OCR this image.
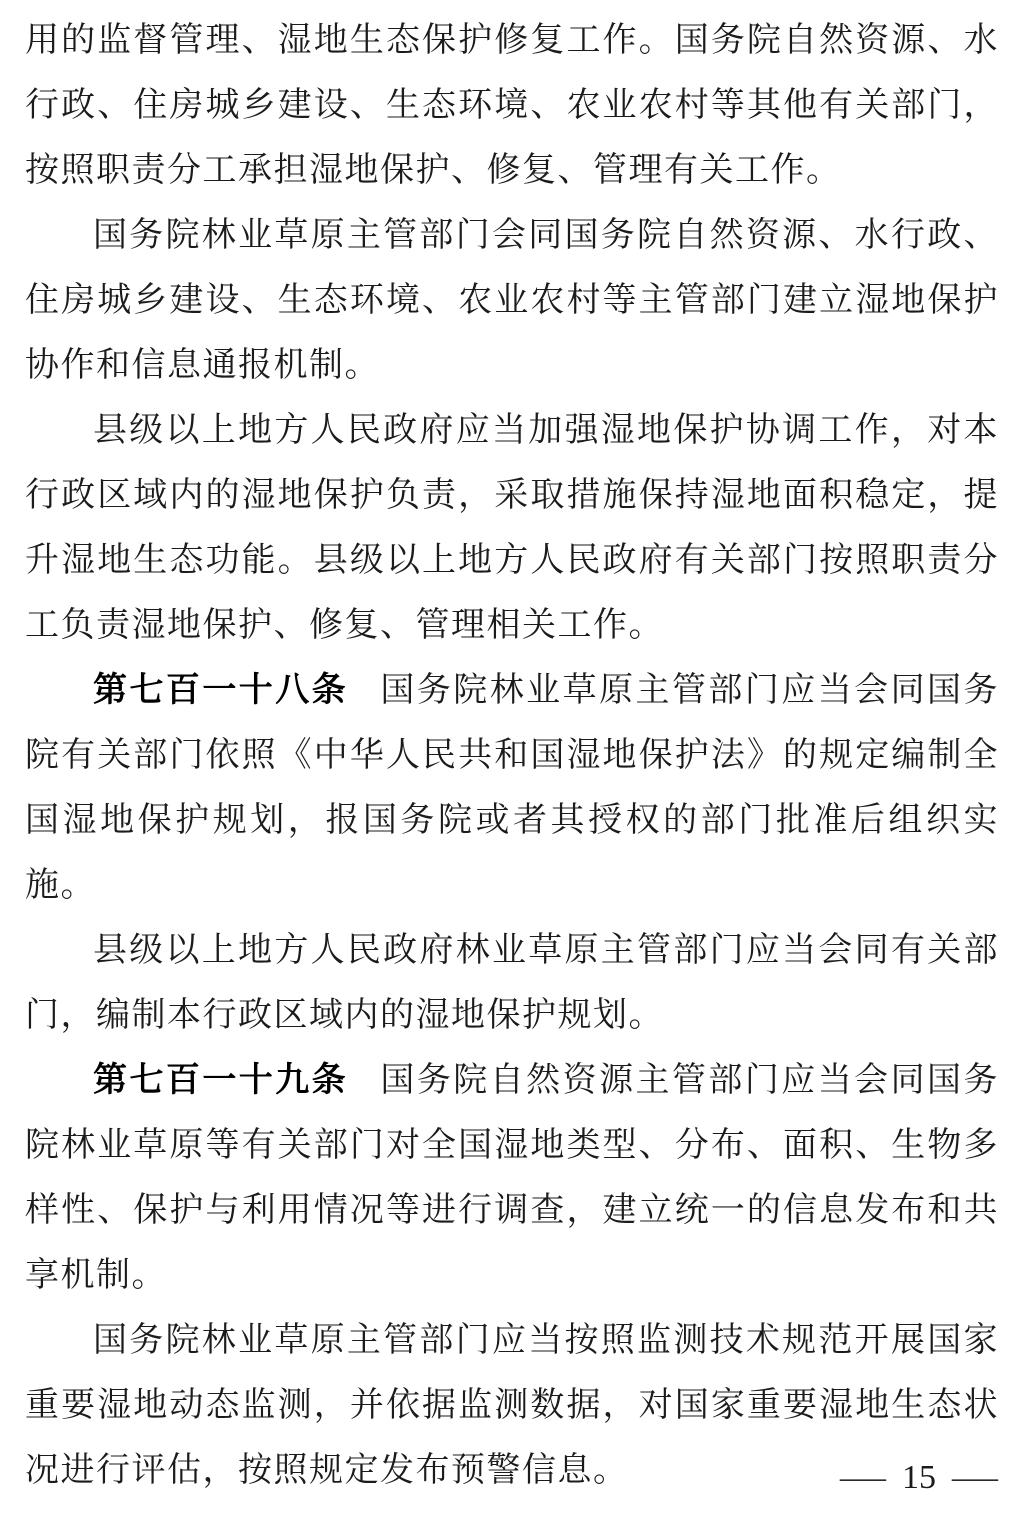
用的监督管理、湿地生态保护修复工作。国务院自然资源、水行政、住房城乡建设、生态环境、农业农村等其他有关部门，按照职责分工承担湿地保护、修复、管理有关工作。

国务院林业草原主管部门会同国务院自然资源、水行政、住房城乡建设、生态环境、农业农村等主管部门建立湿地保护协作和信息通报机制。

县级以上地方人民政府应当加强湿地保护协调工作，对本行政区域内的湿地保护负责，采取措施保持湿地面积稳定，提升湿地生态功能。县级以上地方人民政府有关部门按照职责分工负责湿地保护、修复、管理相关工作。

第七百一十八条 国务院林业草原主管部门应当会同国务院有关部门依照《中华人民共和国湿地保护法》的规定编制全国湿地保护规划，报国务院或者其授权的部门批准后组织实施。

县级以上地方人民政府林业草原主管部门应当会同有关部门，编制本行政区域内的湿地保护规划。

第七百一十九条 国务院自然资源主管部门应当会同国务院林业草原等有关部门对全国湿地类型、分布、面积、生物多样性、保护与利用情况等进行调查，建立统一的信息发布和共享机制。

国务院林业草原主管部门应当按照监测技术规范开展国家重要湿地动态监测，并依据监测数据，对国家重要湿地生态状况进行评估，按照规定发布预警信息。	— 15 —
